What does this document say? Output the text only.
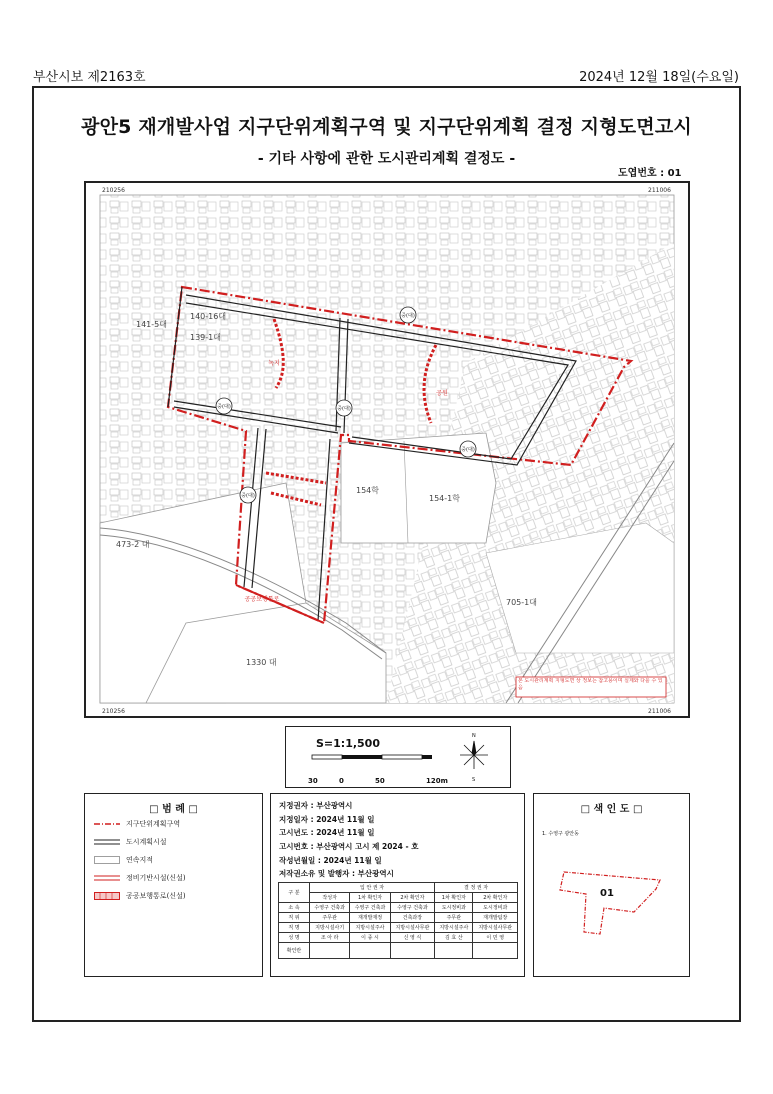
부산시보 제2163호	2024년 12월 18일(수요일)
광안5 재개발사업 지구단위계획구역 및 지구단위계획 결정 지형도면고시
- 기타 사항에 관한 도시관리계획 결정도 -
도엽번호 : 01
중(대)
중(대)	중(대)
중(대)
중(대)
녹지
공원
공공보행통로
210256	211006
210256	211006
140-16대
141-5대
139-1대
154학
154-1학
473-2 대
705-1대
1330 대
본 도시관리계획 지형도면 상 정보는 참고용이며 실제와 다를 수 있음
S=1:1,500
N
S
30	0	50	120m
□ 범 례 □
지구단위계획구역
도시계획시설
연속지적
정비기반시설(신설)
공공보행통로(신설)
지정권자 : 부산광역시
지정일자 : 2024년 11월 일
고시년도 : 2024년 11월 일
고시번호 : 부산광역시 고시 제 2024 - 호
작성년월일 : 2024년 11월 일
저작권소유 및 발행자 : 부산광역시
구 분	입 안 권 자			결 정 권 자	
	작성자	1차 확인자	2차 확인자	1차 확인자	2차 확인자
소 속	수영구 건축과	수영구 건축과	수영구 건축과	도시정비과	도시정비과
직 위	주무관	재개발재정	건축과장	주무관	재개발팀장
직 명	지방시설사기	지방시설주사	지방시설사무관	지방시설주사	지방시설사무관
성 명	조 아 라	이 종 시	신 영 식	김 효 산	이 민 영
확인란					
□ 색 인 도 □
1. 수영구 광안동
01
